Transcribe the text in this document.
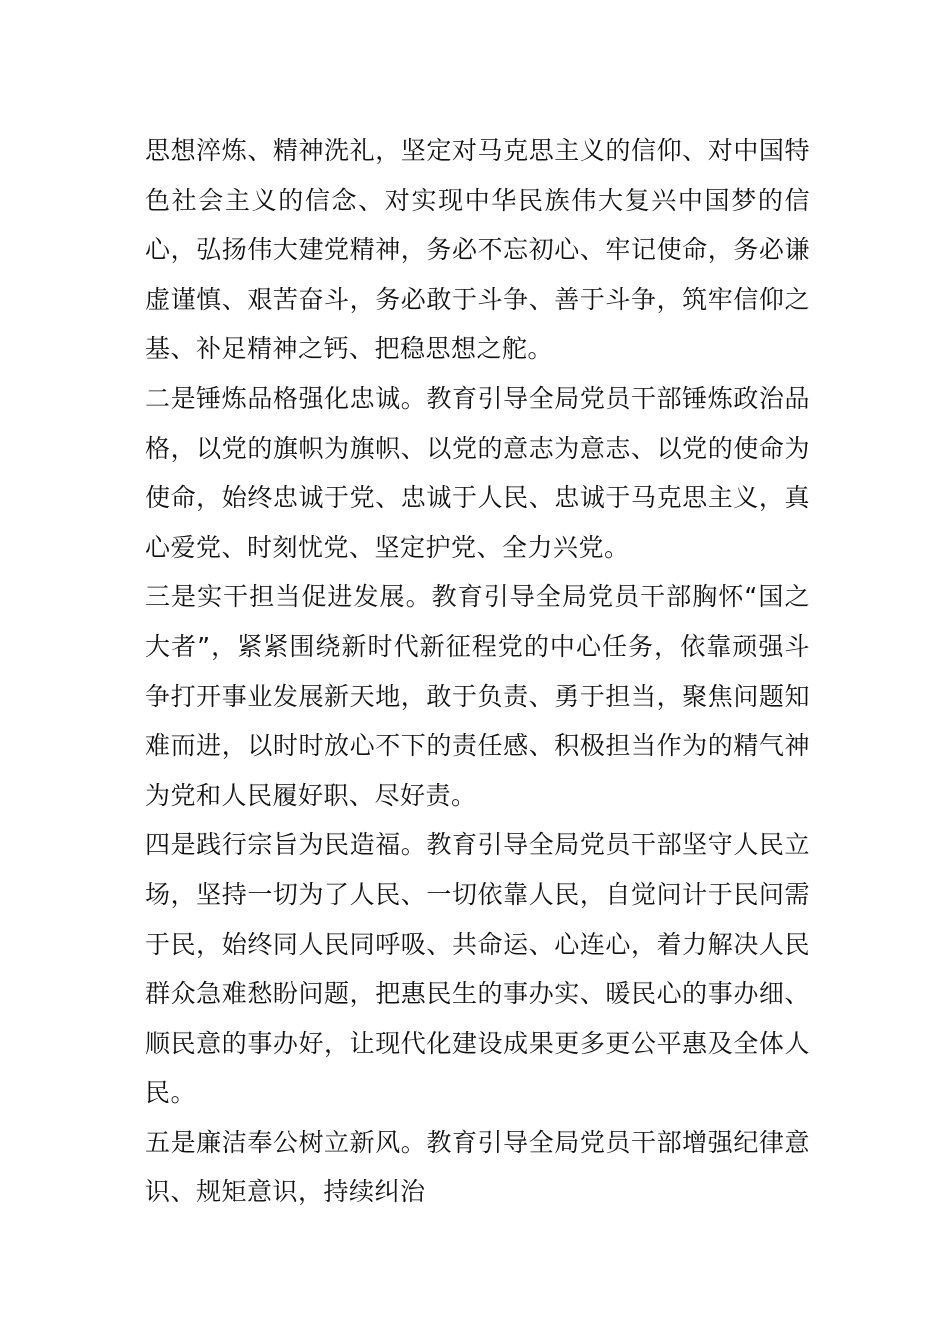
思想淬炼、精神洗礼，坚定对马克思主义的信仰、对中国特色社会主义的信念、对实现中华民族伟大复兴中国梦的信心，弘扬伟大建党精神，务必不忘初心、牢记使命，务必谦虚谨慎、艰苦奋斗，务必敢于斗争、善于斗争，筑牢信仰之基、补足精神之钙、把稳思想之舵。

二是锤炼品格强化忠诚。教育引导全局党员干部锤炼政治品格，以党的旗帜为旗帜、以党的意志为意志、以党的使命为使命，始终忠诚于党、忠诚于人民、忠诚于马克思主义，真心爱党、时刻忧党、坚定护党、全力兴党。

三是实干担当促进发展。教育引导全局党员干部胸怀“国之大者”，紧紧围绕新时代新征程党的中心任务，依靠顽强斗争打开事业发展新天地，敢于负责、勇于担当，聚焦问题知难而进，以时时放心不下的责任感、积极担当作为的精气神为党和人民履好职、尽好责。

四是践行宗旨为民造福。教育引导全局党员干部坚守人民立场，坚持一切为了人民、一切依靠人民，自觉问计于民问需于民，始终同人民同呼吸、共命运、心连心，着力解决人民群众急难愁盼问题，把惠民生的事办实、暖民心的事办细、顺民意的事办好，让现代化建设成果更多更公平惠及全体人民。

五是廉洁奉公树立新风。教育引导全局党员干部增强纪律意识、规矩意识，持续纠治
